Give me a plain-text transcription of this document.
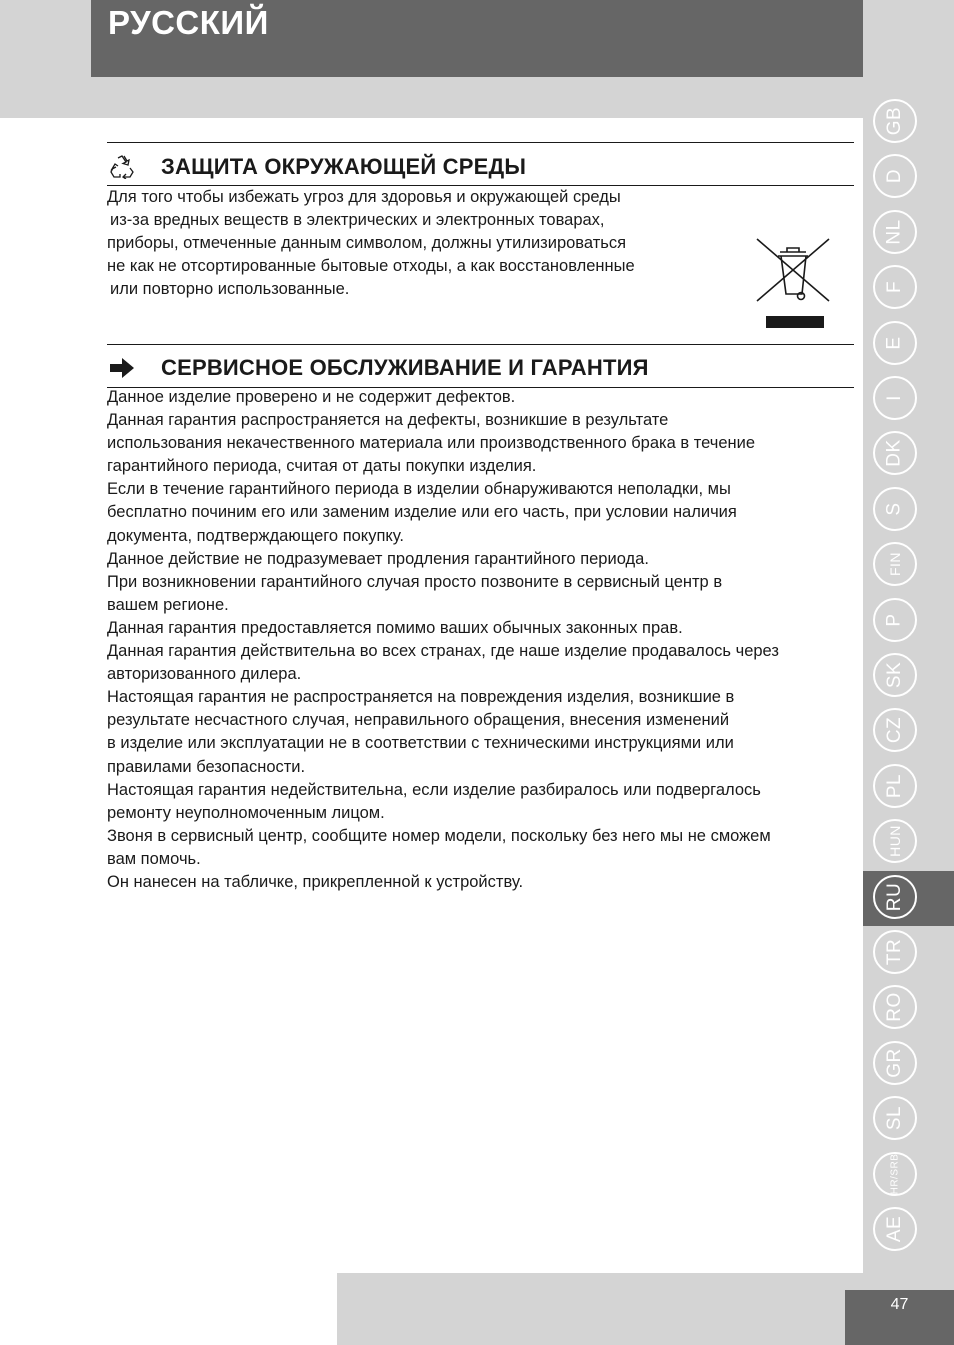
РУССКИЙ
ЗАЩИТА ОКРУЖАЮЩЕЙ СРЕДЫ

Для того чтобы избежать угроз для здоровья и окружающей среды

из-за вредных веществ в электрических и электронных товарах,

приборы, отмеченные данным символом, должны утилизироваться

не как не отсортированные бытовые отходы, а как восстановленные

или повторно использованные.

СЕРВИСНОЕ ОБСЛУЖИВАНИЕ И ГАРАНТИЯ

Данное изделие проверено и не содержит дефектов.

Данная гарантия распространяется на дефекты, возникшие в результате

использования некачественного материала или производственного брака в течение

гарантийного периода, считая от даты покупки изделия.

Если в течение гарантийного периода в изделии обнаруживаются неполадки, мы

бесплатно починим его или заменим изделие или его часть, при условии наличия

документа, подтверждающего покупку.

Данное действие не подразумевает продления гарантийного периода.

При возникновении гарантийного случая просто позвоните в сервисный центр в

вашем регионе.

Данная гарантия предоставляется помимо ваших обычных законных прав.

Данная гарантия действительна во всех странах, где наше изделие продавалось через

авторизованного дилера.

Настоящая гарантия не распространяется на повреждения изделия, возникшие в

результате несчастного случая, неправильного обращения, внесения изменений

в изделие или эксплуатации не в соответствии с техническими инструкциями или

правилами безопасности.

Настоящая гарантия недействительна, если изделие разбиралось или подвергалось

ремонту неуполномоченным лицом.

Звоня в сервисный центр, сообщите номер модели, поскольку без него мы не сможем

вам помочь.

Он нанесен на табличке, прикрепленной к устройству.

GB
D
NL
F
E
I
DK
S
FIN
P
SK
CZ
PL
HUN
RU
TR
RO
GR
SL
HR/SRB
AE
47
